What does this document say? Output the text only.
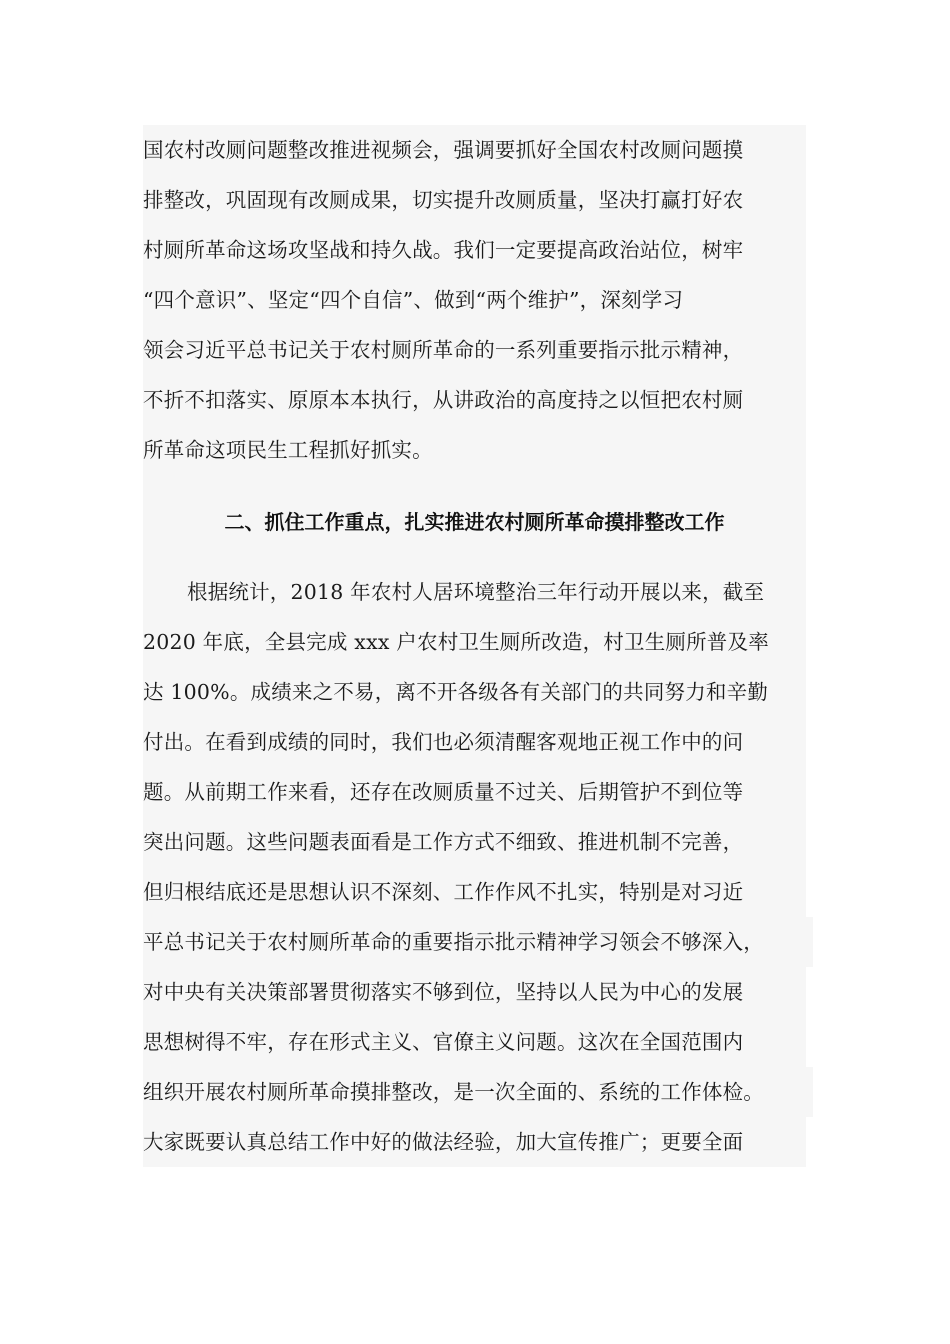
国农村改厕问题整改推进视频会，强调要抓好全国农村改厕问题摸
排整改，巩固现有改厕成果，切实提升改厕质量，坚决打赢打好农
村厕所革命这场攻坚战和持久战。我们一定要提高政治站位，树牢
“四个意识”、坚定“四个自信”、做到“两个维护”，深刻学习
领会习近平总书记关于农村厕所革命的一系列重要指示批示精神，
不折不扣落实、原原本本执行，从讲政治的高度持之以恒把农村厕
所革命这项民生工程抓好抓实。
二、抓住工作重点，扎实推进农村厕所革命摸排整改工作
根据统计，2018 年农村人居环境整治三年行动开展以来，截至
2020 年底，全县完成 xxx 户农村卫生厕所改造，村卫生厕所普及率
达 100%。成绩来之不易，离不开各级各有关部门的共同努力和辛勤
付出。在看到成绩的同时，我们也必须清醒客观地正视工作中的问
题。从前期工作来看，还存在改厕质量不过关、后期管护不到位等
突出问题。这些问题表面看是工作方式不细致、推进机制不完善，
但归根结底还是思想认识不深刻、工作作风不扎实，特别是对习近
平总书记关于农村厕所革命的重要指示批示精神学习领会不够深入，
对中央有关决策部署贯彻落实不够到位，坚持以人民为中心的发展
思想树得不牢，存在形式主义、官僚主义问题。这次在全国范围内
组织开展农村厕所革命摸排整改，是一次全面的、系统的工作体检。
大家既要认真总结工作中好的做法经验，加大宣传推广；更要全面
